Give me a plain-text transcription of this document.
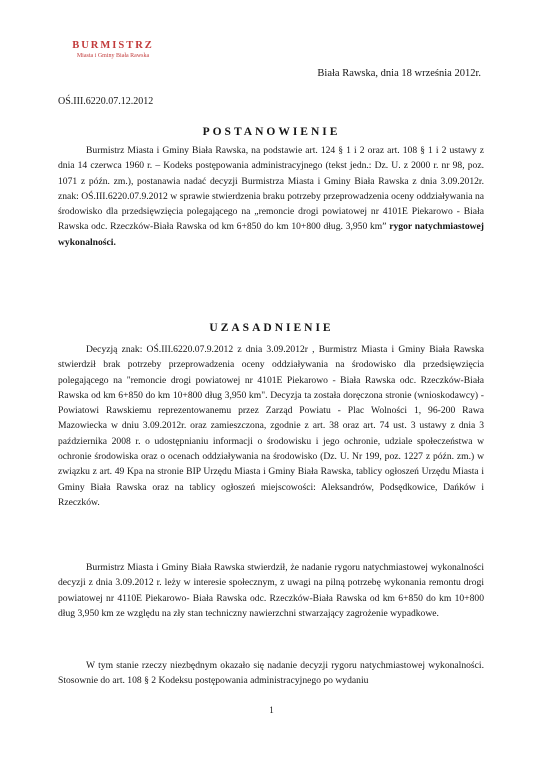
BURMISTRZ
Miasta i Gminy Biała Rawska
Biała Rawska, dnia 18 września 2012r.
OŚ.III.6220.07.12.2012
POSTANOWIENIE

Burmistrz Miasta i Gminy Biała Rawska, na podstawie art. 124 § 1 i 2 oraz art. 108 § 1 i 2 ustawy z dnia 14 czerwca 1960 r. – Kodeks postępowania administracyjnego (tekst jedn.: Dz. U. z 2000 r. nr 98, poz. 1071 z późn. zm.), postanawia nadać decyzji Burmistrza Miasta i Gminy Biała Rawska z dnia 3.09.2012r. znak: OŚ.III.6220.07.9.2012 w sprawie stwierdzenia braku potrzeby przeprowadzenia oceny oddziaływania na środowisko dla przedsięwzięcia polegającego na „remoncie drogi powiatowej nr 4101E Piekarowo - Biała Rawska odc. Rzeczków-Biała Rawska od km 6+850 do km 10+800 dług. 3,950 km” rygor natychmiastowej wykonalności.

UZASADNIENIE

Decyzją znak: OŚ.III.6220.07.9.2012 z dnia 3.09.2012r , Burmistrz Miasta i Gminy Biała Rawska stwierdził brak potrzeby przeprowadzenia oceny oddziaływania na środowisko dla przedsięwzięcia polegającego na "remoncie drogi powiatowej nr 4101E Piekarowo - Biała Rawska odc. Rzeczków-Biała Rawska od km 6+850 do km 10+800 dług 3,950 km". Decyzja ta została doręczona stronie (wnioskodawcy) - Powiatowi Rawskiemu reprezentowanemu przez Zarząd Powiatu - Plac Wolności 1, 96-200 Rawa Mazowiecka w dniu 3.09.2012r. oraz zamieszczona, zgodnie z art. 38 oraz art. 74 ust. 3 ustawy z dnia 3 października 2008 r. o udostępnianiu informacji o środowisku i jego ochronie, udziale społeczeństwa w ochronie środowiska oraz o ocenach oddziaływania na środowisko (Dz. U. Nr 199, poz. 1227 z późn. zm.) w związku z art. 49 Kpa na stronie BIP Urzędu Miasta i Gminy Biała Rawska, tablicy ogłoszeń Urzędu Miasta i Gminy Biała Rawska oraz na tablicy ogłoszeń miejscowości: Aleksandrów, Podsędkowice, Dańków i Rzeczków.

Burmistrz Miasta i Gminy Biała Rawska stwierdził, że nadanie rygoru natychmiastowej wykonalności decyzji z dnia 3.09.2012 r. leży w interesie społecznym, z uwagi na pilną potrzebę wykonania remontu drogi powiatowej nr 4110E Piekarowo- Biała Rawska odc. Rzeczków-Biała Rawska od km 6+850 do km 10+800 dług 3,950 km ze względu na zły stan techniczny nawierzchni stwarzający zagrożenie wypadkowe.

W tym stanie rzeczy niezbędnym okazało się nadanie decyzji rygoru natychmiastowej wykonalności. Stosownie do art. 108 § 2 Kodeksu postępowania administracyjnego po wydaniu

1
